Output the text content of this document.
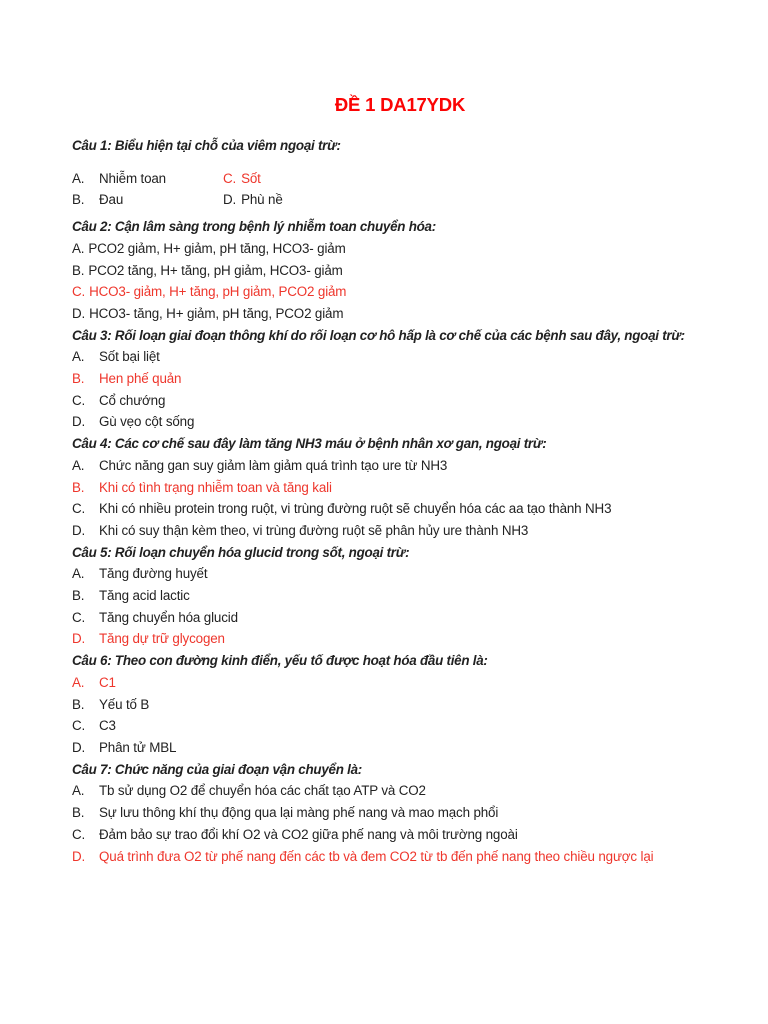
ĐỀ 1 DA17YDK
Câu 1: Biểu hiện tại chỗ của viêm ngoại trừ:
A. Nhiễm toan	C. Sốt
B. Đau	D. Phù nề
Câu 2: Cận lâm sàng trong bệnh lý nhiễm toan chuyển hóa:
A. PCO2 giảm, H+ giảm, pH tăng, HCO3- giảm
B. PCO2 tăng, H+ tăng, pH giảm, HCO3- giảm
C. HCO3- giảm, H+ tăng, pH giảm, PCO2 giảm
D. HCO3- tăng, H+ giảm, pH tăng, PCO2 giảm
Câu 3: Rối loạn giai đoạn thông khí do rối loạn cơ hô hấp là cơ chế của các bệnh sau đây, ngoại trừ:
A. Sốt bại liệt
B. Hen phế quản
C. Cổ chướng
D. Gù vẹo cột sống
Câu 4: Các cơ chế sau đây làm tăng NH3 máu ở bệnh nhân xơ gan, ngoại trừ:
A. Chức năng gan suy giảm làm giảm quá trình tạo ure từ NH3
B. Khi có tình trạng nhiễm toan và tăng kali
C. Khi có nhiều protein trong ruột, vi trùng đường ruột sẽ chuyển hóa các aa tạo thành NH3
D. Khi có suy thận kèm theo, vi trùng đường ruột sẽ phân hủy ure thành NH3
Câu 5: Rối loạn chuyển hóa glucid trong sốt, ngoại trừ:
A. Tăng đường huyết
B. Tăng acid lactic
C. Tăng chuyển hóa glucid
D. Tăng dự trữ glycogen
Câu 6: Theo con đường kinh điển, yếu tố được hoạt hóa đầu tiên là:
A. C1
B. Yếu tố B
C. C3
D. Phân tử MBL
Câu 7: Chức năng của giai đoạn vận chuyển là:
A. Tb sử dụng O2 để chuyển hóa các chất tạo ATP và CO2
B. Sự lưu thông khí thụ động qua lại màng phế nang và mao mạch phổi
C. Đảm bảo sự trao đổi khí O2 và CO2 giữa phế nang và môi trường ngoài
D. Quá trình đưa O2 từ phế nang đến các tb và đem CO2 từ tb đến phế nang theo chiều ngược lại
